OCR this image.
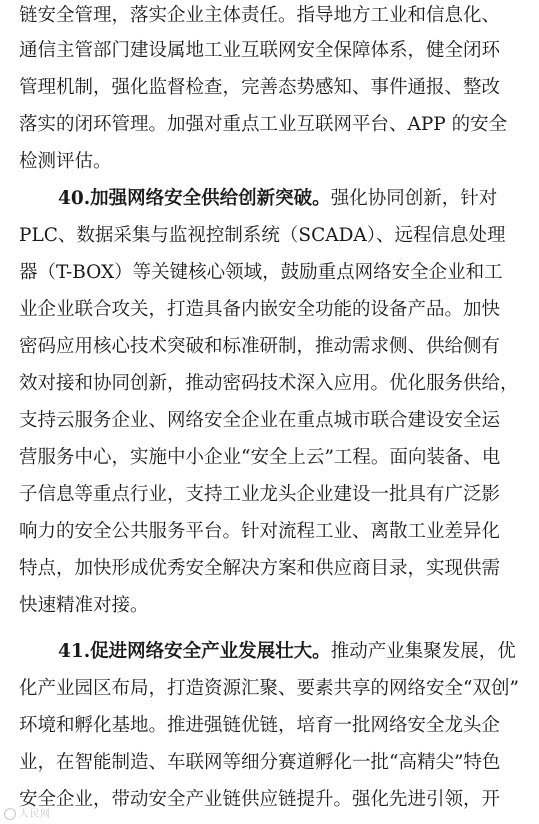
链安全管理，落实企业主体责任。指导地方工业和信息化、
通信主管部门建设属地工业互联网安全保障体系，健全闭环
管理机制，强化监督检查，完善态势感知、事件通报、整改
落实的闭环管理。加强对重点工业互联网平台、APP 的安全
检测评估。
40.加强网络安全供给创新突破。强化协同创新，针对
PLC、数据采集与监视控制系统（SCADA）、远程信息处理
器（T-BOX）等关键核心领域，鼓励重点网络安全企业和工
业企业联合攻关，打造具备内嵌安全功能的设备产品。加快
密码应用核心技术突破和标准研制，推动需求侧、供给侧有
效对接和协同创新，推动密码技术深入应用。优化服务供给，
支持云服务企业、网络安全企业在重点城市联合建设安全运
营服务中心，实施中小企业“安全上云”工程。面向装备、电
子信息等重点行业，支持工业龙头企业建设一批具有广泛影
响力的安全公共服务平台。针对流程工业、离散工业差异化
特点，加快形成优秀安全解决方案和供应商目录，实现供需
快速精准对接。
41.促进网络安全产业发展壮大。推动产业集聚发展，优
化产业园区布局，打造资源汇聚、要素共享的网络安全“双创”
环境和孵化基地。推进强链优链，培育一批网络安全龙头企
业，在智能制造、车联网等细分赛道孵化一批“高精尖”特色
安全企业，带动安全产业链供应链提升。强化先进引领，开
人民网
